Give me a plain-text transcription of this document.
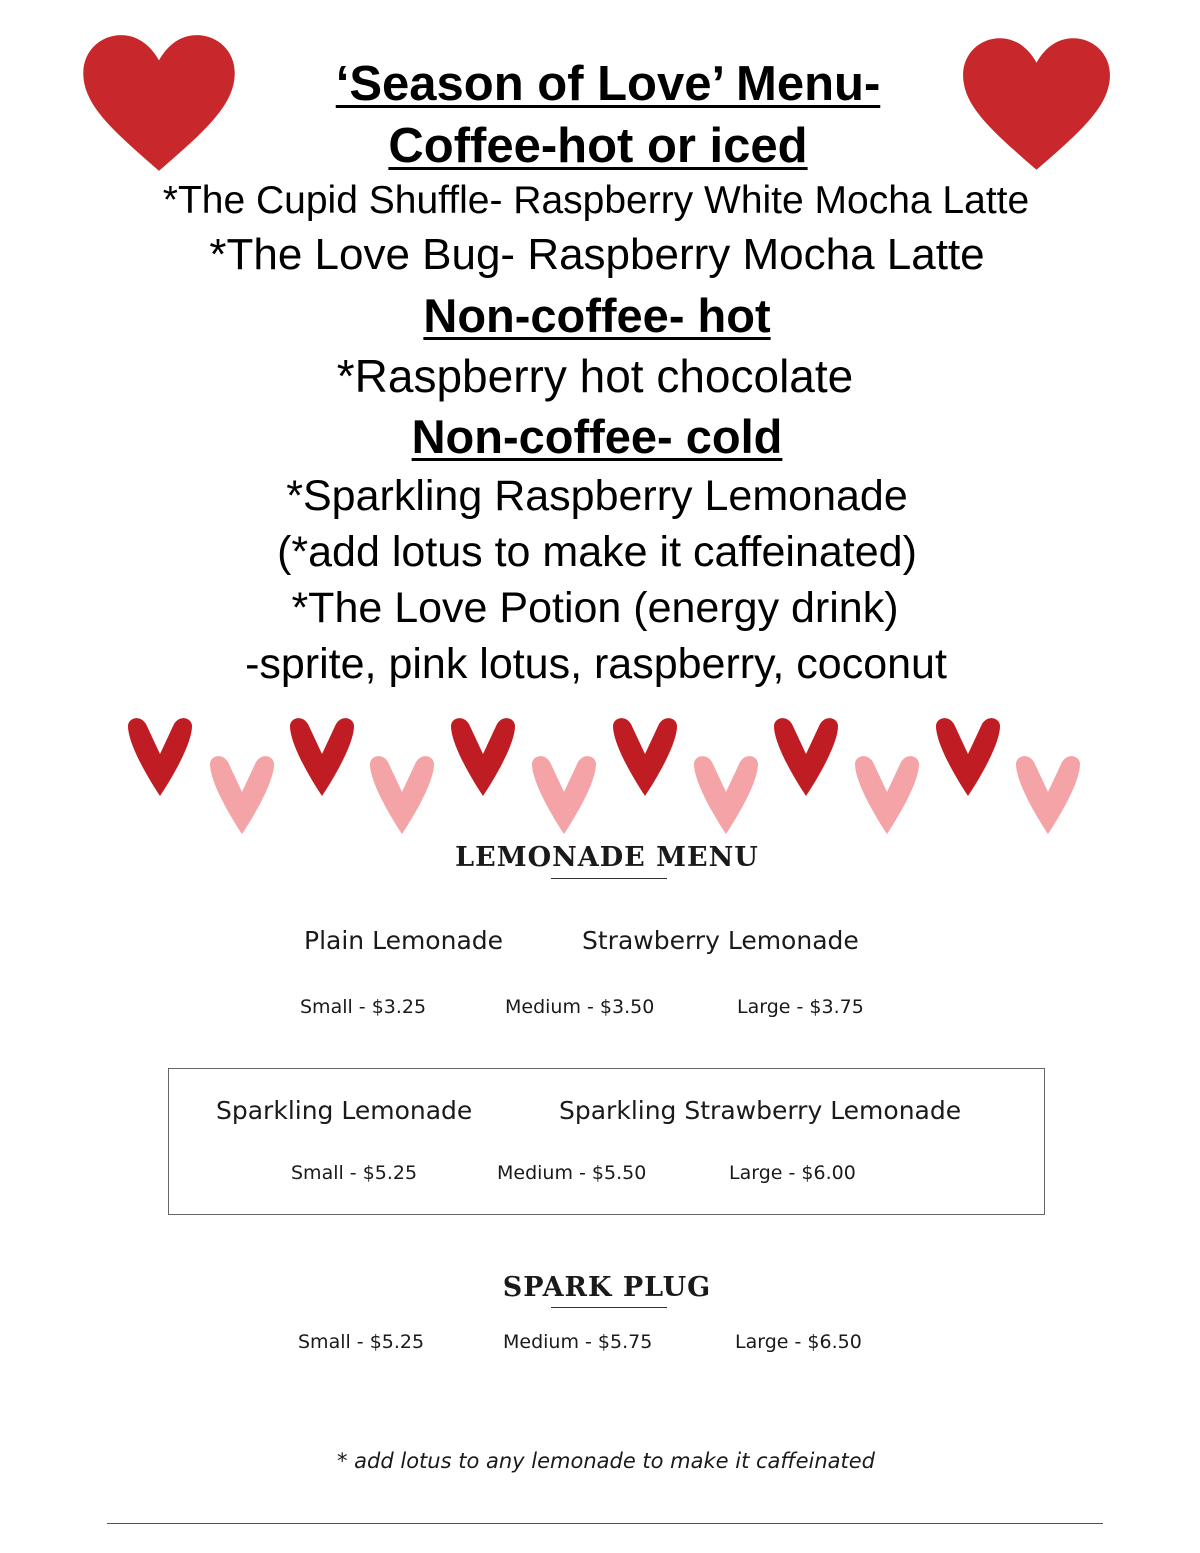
‘Season of Love’ Menu-
Coffee-hot or iced
*The Cupid Shuffle- Raspberry White Mocha Latte
*The Love Bug- Raspberry Mocha Latte
Non-coffee- hot
*Raspberry hot chocolate
Non-coffee- cold
*Sparkling Raspberry Lemonade
(*add lotus to make it caffeinated)
*The Love Potion (energy drink)
-sprite, pink lotus, raspberry, coconut
LEMONADE MENU
Plain Lemonade	Strawberry Lemonade
Small - $3.25	Medium - $3.50	Large - $3.75
Sparkling Lemonade	Sparkling Strawberry Lemonade
Small - $5.25	Medium - $5.50	Large - $6.00
SPARK PLUG
Small - $5.25	Medium - $5.75	Large - $6.50
* add lotus to any lemonade to make it caffeinated
